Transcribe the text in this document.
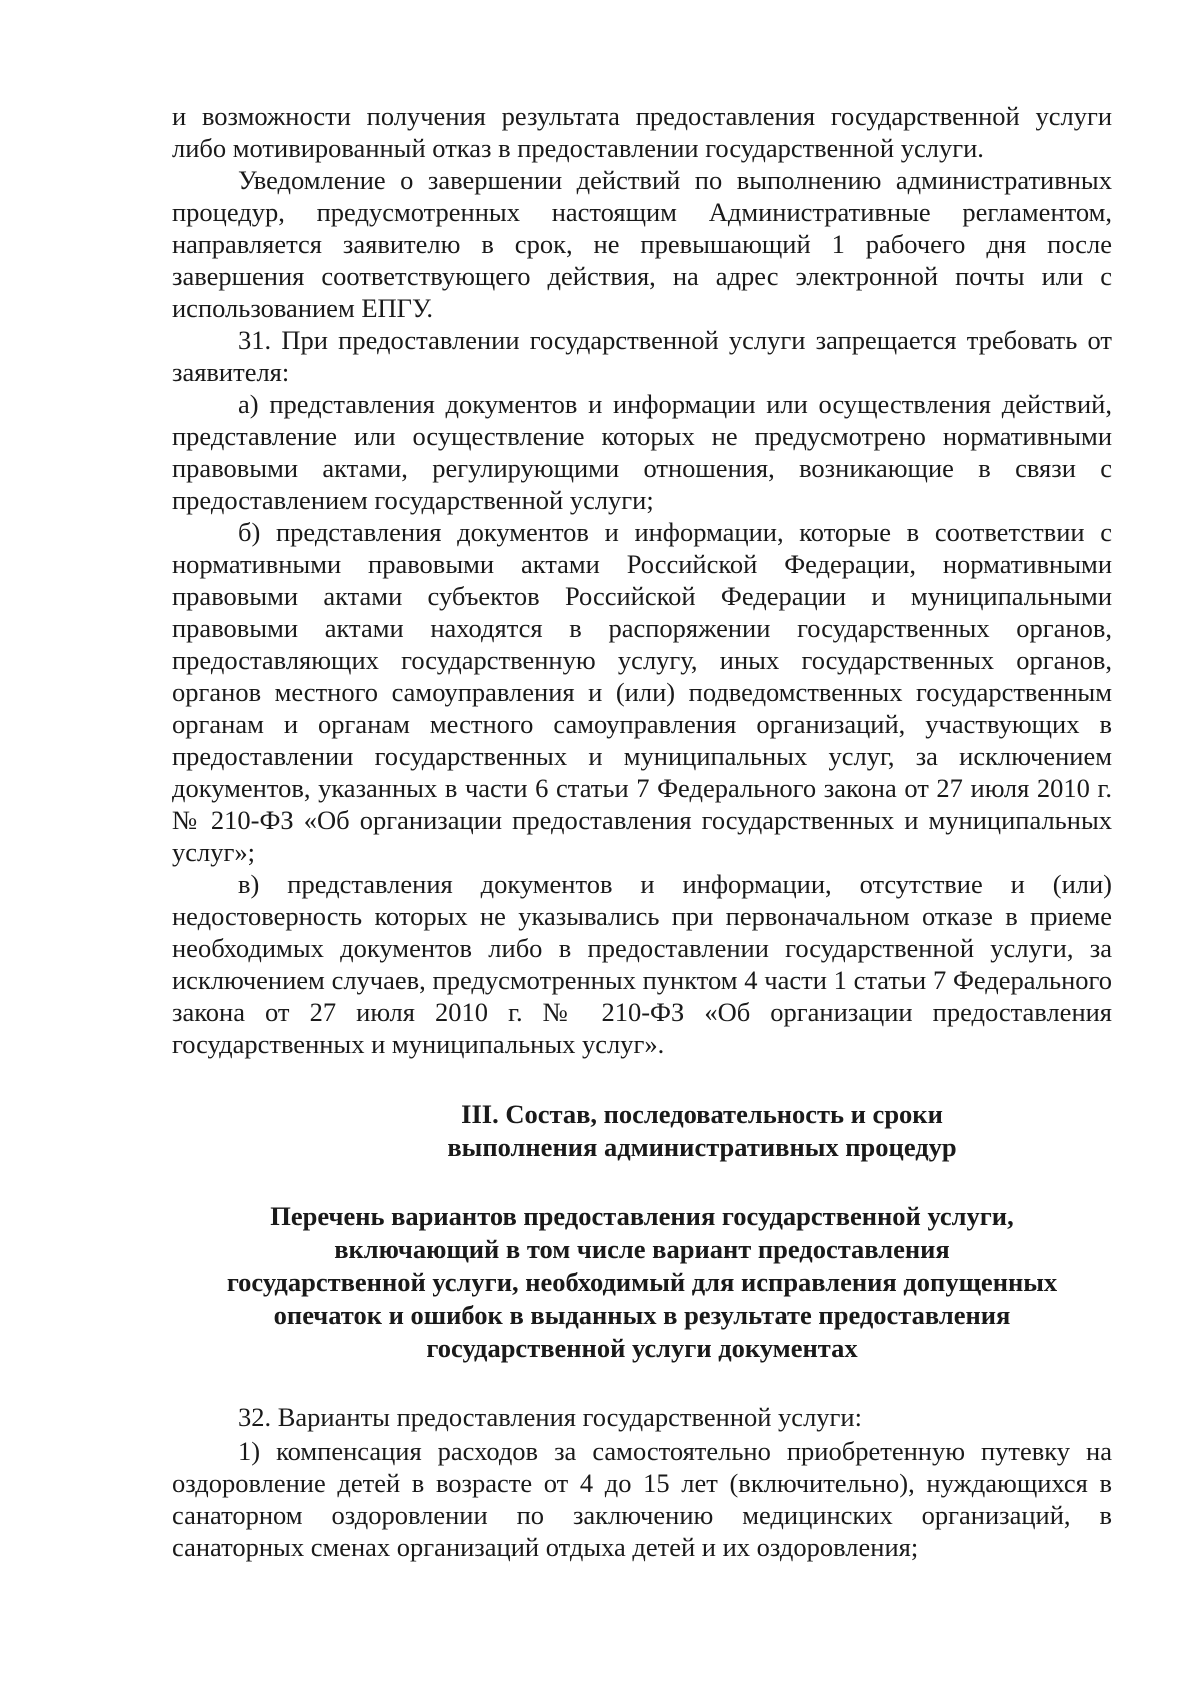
и возможности получения результата предоставления государственной услуги либо мотивированный отказ в предоставлении государственной услуги.

Уведомление о завершении действий по выполнению административных процедур, предусмотренных настоящим Административные регламентом, направляется заявителю в срок, не превышающий 1 рабочего дня после завершения соответствующего действия, на адрес электронной почты или с использованием ЕПГУ.

31. При предоставлении государственной услуги запрещается требовать от заявителя:

а) представления документов и информации или осуществления действий, представление или осуществление которых не предусмотрено нормативными правовыми актами, регулирующими отношения, возникающие в связи с предоставлением государственной услуги;

б) представления документов и информации, которые в соответствии с нормативными правовыми актами Российской Федерации, нормативными правовыми актами субъектов Российской Федерации и муниципальными правовыми актами находятся в распоряжении государственных органов, предоставляющих государственную услугу, иных государственных органов, органов местного самоуправления и (или) подведомственных государственным органам и органам местного самоуправления организаций, участвующих в предоставлении государственных и муниципальных услуг, за исключением документов, указанных в части 6 статьи 7 Федерального закона от 27 июля 2010 г. № 210-ФЗ «Об организации предоставления государственных и муниципальных услуг»;

в) представления документов и информации, отсутствие и (или) недостоверность которых не указывались при первоначальном отказе в приеме необходимых документов либо в предоставлении государственной услуги, за исключением случаев, предусмотренных пунктом 4 части 1 статьи 7 Федерального закона от 27 июля 2010 г. № 210-ФЗ «Об организации предоставления государственных и муниципальных услуг».

III. Состав, последовательность и сроки
выполнения административных процедур
Перечень вариантов предоставления государственной услуги,
включающий в том числе вариант предоставления
государственной услуги, необходимый для исправления допущенных
опечаток и ошибок в выданных в результате предоставления
государственной услуги документах

32. Варианты предоставления государственной услуги:

1) компенсация расходов за самостоятельно приобретенную путевку на оздоровление детей в возрасте от 4 до 15 лет (включительно), нуждающихся в санаторном оздоровлении по заключению медицинских организаций, в санаторных сменах организаций отдыха детей и их оздоровления;
